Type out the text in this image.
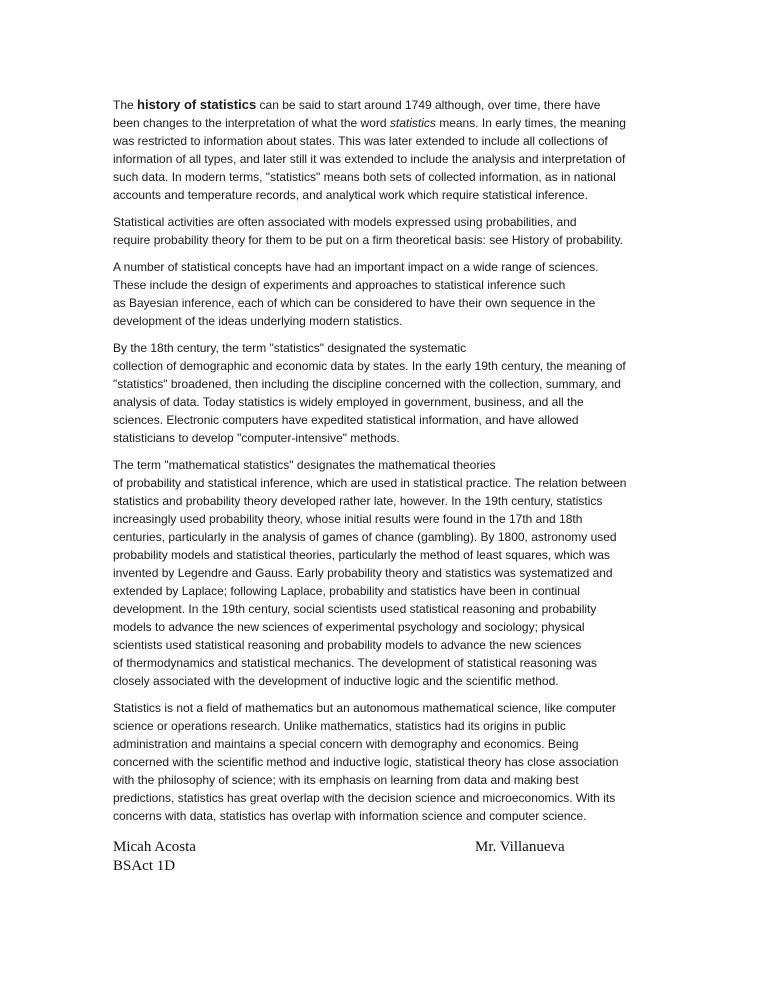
The history of statistics can be said to start around 1749 although, over time, there have
been changes to the interpretation of what the word statistics means. In early times, the meaning
was restricted to information about states. This was later extended to include all collections of
information of all types, and later still it was extended to include the analysis and interpretation of
such data. In modern terms, "statistics" means both sets of collected information, as in national
accounts and temperature records, and analytical work which require statistical inference.

Statistical activities are often associated with models expressed using probabilities, and
require probability theory for them to be put on a firm theoretical basis: see History of probability.

A number of statistical concepts have had an important impact on a wide range of sciences.
These include the design of experiments and approaches to statistical inference such
as Bayesian inference, each of which can be considered to have their own sequence in the
development of the ideas underlying modern statistics.

By the 18th century, the term "statistics" designated the systematic
collection of demographic and economic data by states. In the early 19th century, the meaning of
"statistics" broadened, then including the discipline concerned with the collection, summary, and
analysis of data. Today statistics is widely employed in government, business, and all the
sciences. Electronic computers have expedited statistical information, and have allowed
statisticians to develop "computer-intensive" methods.

The term "mathematical statistics" designates the mathematical theories
of probability and statistical inference, which are used in statistical practice. The relation between
statistics and probability theory developed rather late, however. In the 19th century, statistics
increasingly used probability theory, whose initial results were found in the 17th and 18th
centuries, particularly in the analysis of games of chance (gambling). By 1800, astronomy used
probability models and statistical theories, particularly the method of least squares, which was
invented by Legendre and Gauss. Early probability theory and statistics was systematized and
extended by Laplace; following Laplace, probability and statistics have been in continual
development. In the 19th century, social scientists used statistical reasoning and probability
models to advance the new sciences of experimental psychology and sociology; physical
scientists used statistical reasoning and probability models to advance the new sciences
of thermodynamics and statistical mechanics. The development of statistical reasoning was
closely associated with the development of inductive logic and the scientific method.

Statistics is not a field of mathematics but an autonomous mathematical science, like computer
science or operations research. Unlike mathematics, statistics had its origins in public
administration and maintains a special concern with demography and economics. Being
concerned with the scientific method and inductive logic, statistical theory has close association
with the philosophy of science; with its emphasis on learning from data and making best
predictions, statistics has great overlap with the decision science and microeconomics. With its
concerns with data, statistics has overlap with information science and computer science.

Micah Acosta
BSAct 1D
Mr. Villanueva
